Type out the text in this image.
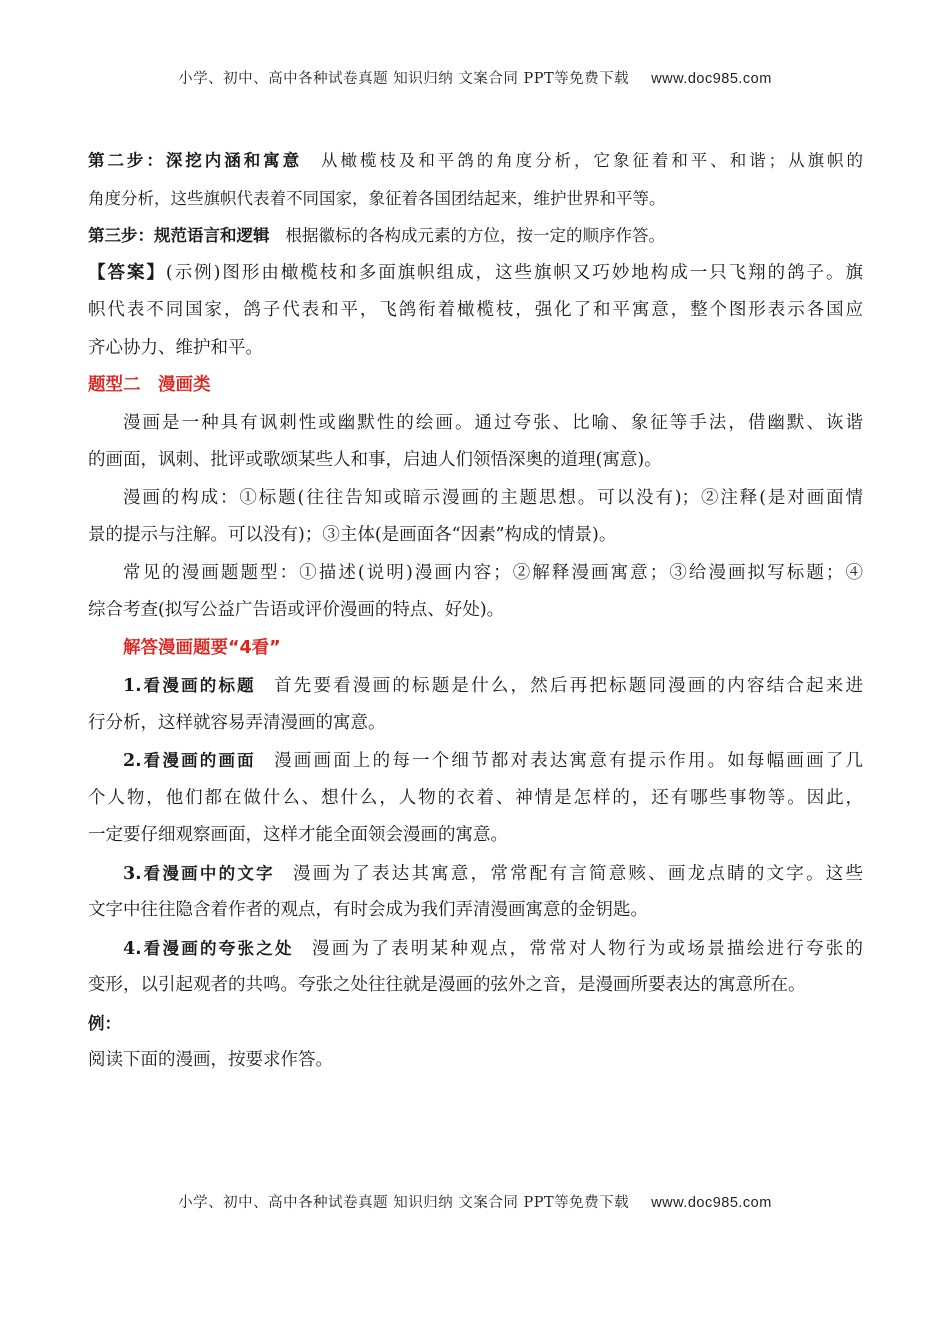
小学、初中、高中各种试卷真题 知识归纳 文案合同 PPT等免费下载 www.doc985.com
第二步：深挖内涵和寓意 从橄榄枝及和平鸽的角度分析，它象征着和平、和谐；从旗帜的
角度分析，这些旗帜代表着不同国家，象征着各国团结起来，维护世界和平等。
第三步：规范语言和逻辑 根据徽标的各构成元素的方位，按一定的顺序作答。
【答案】(示例)图形由橄榄枝和多面旗帜组成，这些旗帜又巧妙地构成一只飞翔的鸽子。旗
帜代表不同国家，鸽子代表和平，飞鸽衔着橄榄枝，强化了和平寓意，整个图形表示各国应
齐心协力、维护和平。
题型二　漫画类
漫画是一种具有讽刺性或幽默性的绘画。通过夸张、比喻、象征等手法，借幽默、诙谐
的画面，讽刺、批评或歌颂某些人和事，启迪人们领悟深奥的道理(寓意)。
漫画的构成：①标题(往往告知或暗示漫画的主题思想。可以没有)；②注释(是对画面情
景的提示与注解。可以没有)；③主体(是画面各“因素”构成的情景)。
常见的漫画题题型：①描述(说明)漫画内容；②解释漫画寓意；③给漫画拟写标题；④
综合考查(拟写公益广告语或评价漫画的特点、好处)。
解答漫画题要“4看”
1.看漫画的标题 首先要看漫画的标题是什么，然后再把标题同漫画的内容结合起来进
行分析，这样就容易弄清漫画的寓意。
2.看漫画的画面 漫画画面上的每一个细节都对表达寓意有提示作用。如每幅画画了几
个人物，他们都在做什么、想什么，人物的衣着、神情是怎样的，还有哪些事物等。因此，
一定要仔细观察画面，这样才能全面领会漫画的寓意。
3.看漫画中的文字 漫画为了表达其寓意，常常配有言简意赅、画龙点睛的文字。这些
文字中往往隐含着作者的观点，有时会成为我们弄清漫画寓意的金钥匙。
4.看漫画的夸张之处 漫画为了表明某种观点，常常对人物行为或场景描绘进行夸张的
变形，以引起观者的共鸣。夸张之处往往就是漫画的弦外之音，是漫画所要表达的寓意所在。
例：
阅读下面的漫画，按要求作答。
小学、初中、高中各种试卷真题 知识归纳 文案合同 PPT等免费下载 www.doc985.com
